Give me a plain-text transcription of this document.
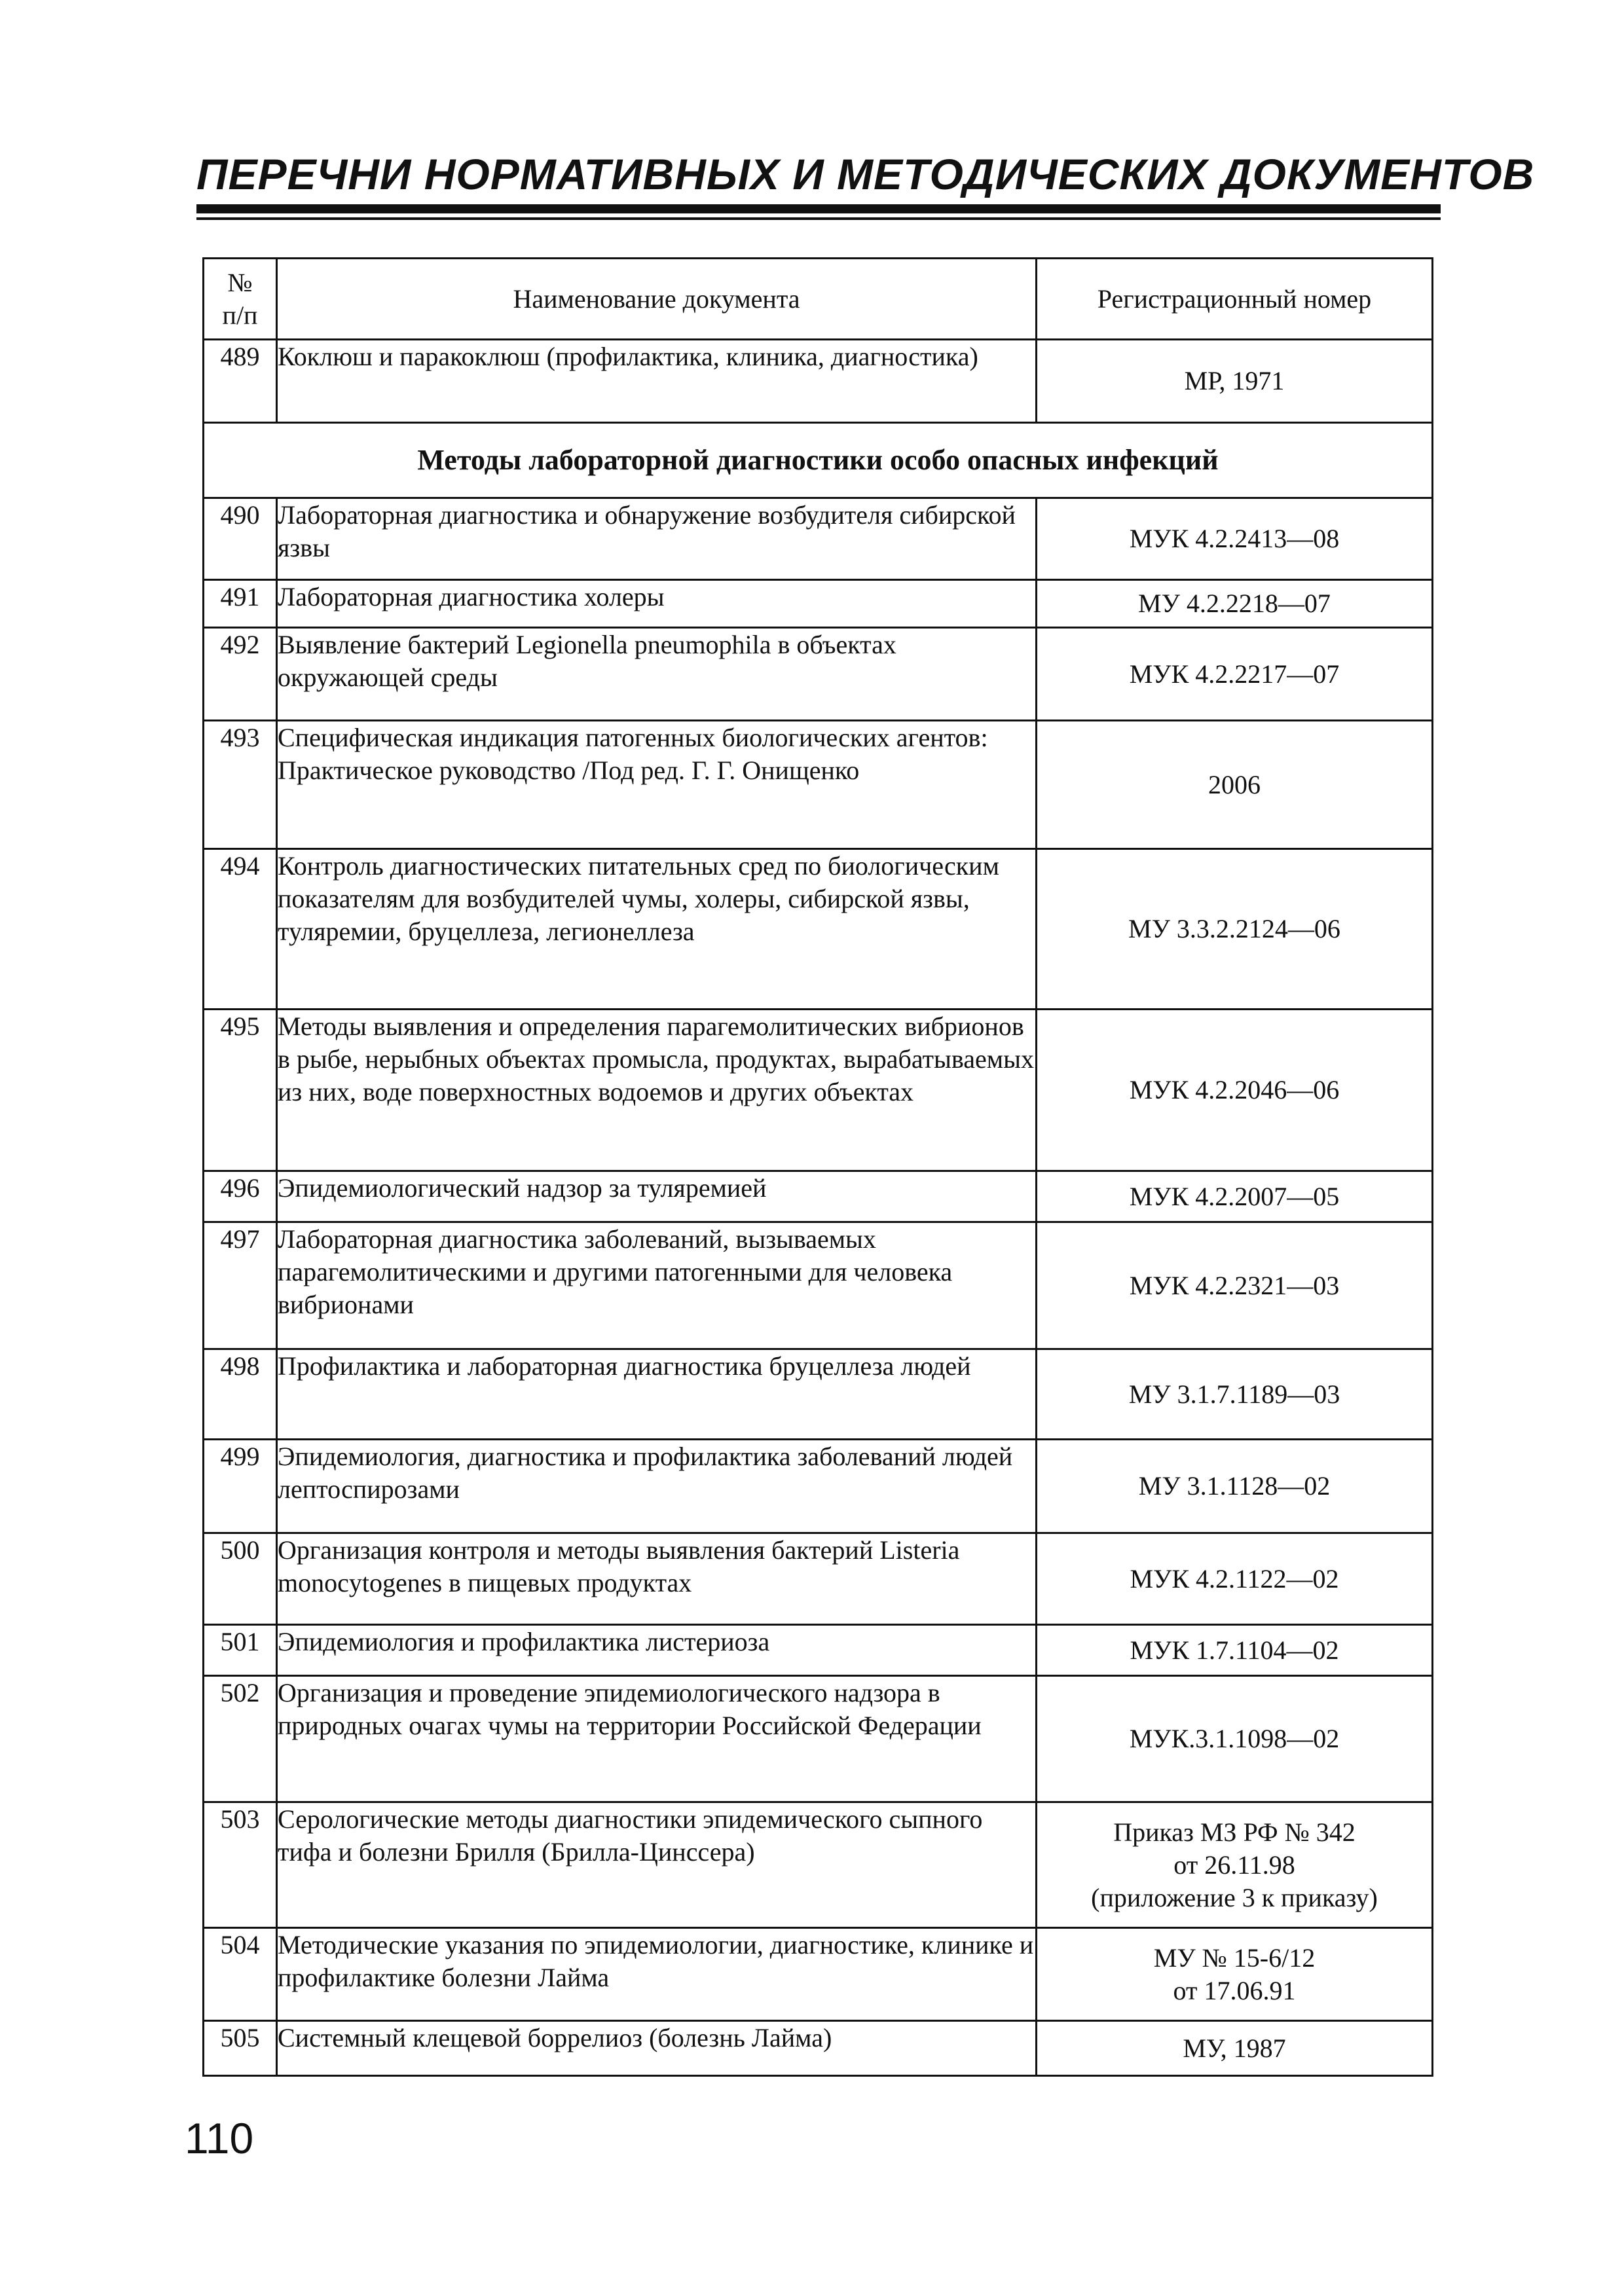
ПЕРЕЧНИ НОРМАТИВНЫХ И МЕТОДИЧЕСКИХ ДОКУМЕНТОВ
№
п/п	Наименование документа	Регистрационный номер
489	Коклюш и паракоклюш (профилактика, клиника, диагностика)	МР, 1971
Методы лабораторной диагностики особо опасных инфекций		
490	Лабораторная диагностика и обнаружение возбудителя сибирской язвы	МУК 4.2.2413—08
491	Лабораторная диагностика холеры	МУ 4.2.2218—07
492	Выявление бактерий Legionella pneumophila в объектах окружающей среды	МУК 4.2.2217—07
493	Специфическая индикация патогенных биологических агентов: Практическое руководство /Под ред. Г. Г. Онищенко	2006
494	Контроль диагностических питательных сред по биологическим показателям для возбудителей чумы, холеры, сибирской язвы, туляремии, бруцеллеза, легионеллеза	МУ 3.3.2.2124—06
495	Методы выявления и определения парагемолитических вибрионов в рыбе, нерыбных объектах промысла, продуктах, вырабатываемых из них, воде поверхностных водоемов и других объектах	МУК 4.2.2046—06
496	Эпидемиологический надзор за туляремией	МУК 4.2.2007—05
497	Лабораторная диагностика заболеваний, вызываемых парагемолитическими и другими патогенными для человека вибрионами	МУК 4.2.2321—03
498	Профилактика и лабораторная диагностика бруцеллеза людей	МУ 3.1.7.1189—03
499	Эпидемиология, диагностика и профилактика заболеваний людей лептоспирозами	МУ 3.1.1128—02
500	Организация контроля и методы выявления бактерий Listeria monocytogenes в пищевых продуктах	МУК 4.2.1122—02
501	Эпидемиология и профилактика листериоза	МУК 1.7.1104—02
502	Организация и проведение эпидемиологического надзора в природных очагах чумы на территории Российской Федерации	МУК.3.1.1098—02
503	Серологические методы диагностики эпидемического сыпного тифа и болезни Брилля (Брилла-Цинссера)	Приказ МЗ РФ № 342
от 26.11.98
(приложение 3 к приказу)

504	Методические указания по эпидемиологии, диагностике, клинике и профилактике болезни Лайма	МУ № 15-6/12
от 17.06.91

505	Системный клещевой боррелиоз (болезнь Лайма)	МУ, 1987
110
